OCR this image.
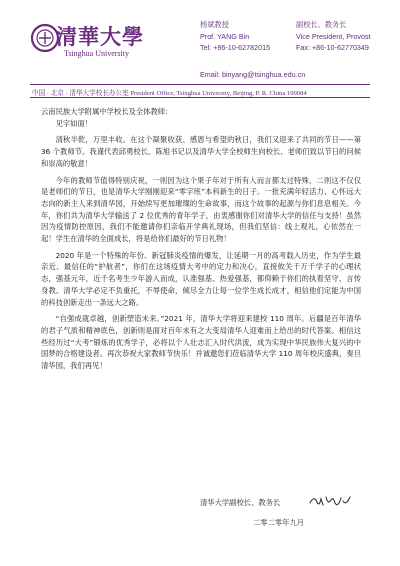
清華大學
Tsinghua University
杨斌教授
Prof. YANG Bin
Tel: +86-10-62782015
副校长、教务长
Vice President, Provost
Fax: +86-10-62770349
Email: binyang@tsinghua.edu.cn
中国 · 北京 · 清华大学校长办公室 President Office, Tsinghua University, Beijing, P. R. China 100084

云南民族大学附属中学校长及全体教师：

见字如面！

清秋半乾，万里丰收。在这个凝聚收获、感恩与希望的秋日，我们又迎来了共同的节日——第 36 个教师节。我谨代表邱勇校长、陈旭书记以及清华大学全校师生向校长、老师们致以节日的问候和崇高的敬意！

今年的教师节值得特别庆祝，一则因为这个果子年对于所有人而言都太过特殊，二则这不仅仅是老师们的节日，也是清华大学刚刚迎来“零字班”本科新生的日子。一批充满年轻活力、心怀远大志向的新主人来到清华园，开始续写更加璀璨的生命故事，而这个故事的起源与你们息息相关。今年，你们共为清华大学输送了 2 位优秀的青年学子，由衷感谢你们对清华大学的信任与支持！虽然因为疫情防控原因，我们不能邀请你们亲临开学典礼现场，但我们坚信：线上观礼，心依然在一起！学生在清华的全面成长，将是给你们最好的节日礼物！

2020 年是一个特殊的年份。新冠肺炎疫情的爆发，让延期一月的高考载入历史，作为学生最亲近、最信任的“护航者”，你们在这场疫情大考中的定力和决心，直接攸关千万千学子的心理状态，强基元年，近千名考生少年游入而成，认准强基、热爱强基，都仰赖于你们的执着坚守、言传身教。清华大学必定不负重托，不辱使命，倾尽全力让每一位学生成长成才，相信他们定能为中国的科技创新走出一条远大之路。

“自强成就卓越，创新塑造未来。”2021 年，清华大学将迎来建校 110 周年。后疆是百年清华的君子气质和精神底色，创新则是面对百年未有之大变局清华人迎难而上给出的时代答案。相信这些经历过“大考”锻炼的优秀学子，必将以个人壮志汇入时代洪流，成为实现中华民族伟大复兴的中国梦的合格建设者。再次恭祝大家教师节快乐！并诚邀您们莅临清华大学 110 周年校庆盛典，奏旦清华园，我们再见！

清华大学副校长、教务长
二零二零年九月
